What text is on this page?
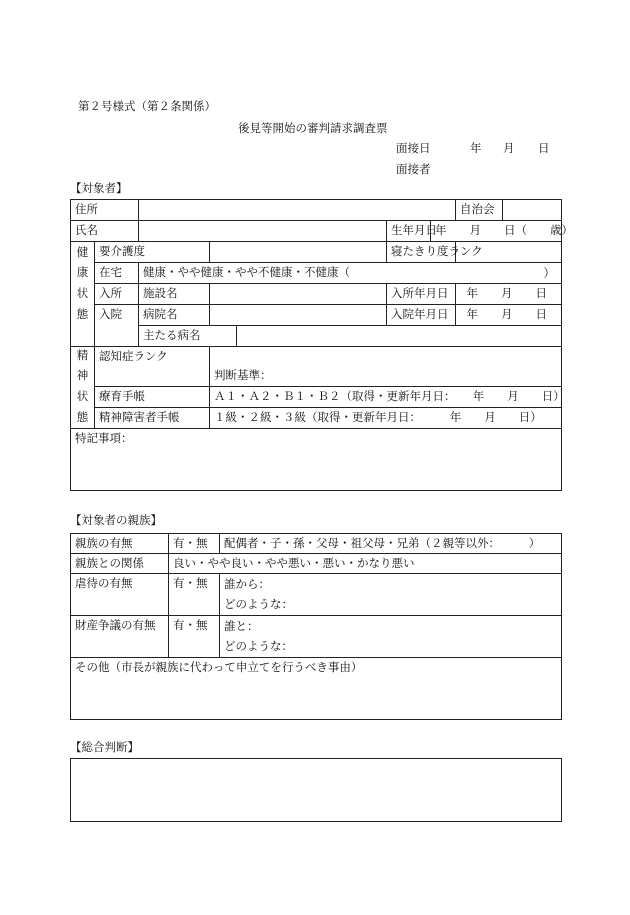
第２号様式（第２条関係）
後見等開始の審判請求調査票
面接日	年 月 日
面接者
【対象者】
住所							自治会	
氏名					生年月日	年　　月　　日（　　歳）		
健	要介護度				寝たきり度ランク			
康	在宅	健康・やや健康・やや不健康・不健康（ ）						

状	入所	施設名			入所年月日		年　　月　　日	
態	入院	病院名			入院年月日		年　　月　　日	
		主たる病名						
精	認知症ランク							
神			判断基準：					
状	療育手帳		Ａ１・Ａ２・Ｂ１・Ｂ２（取得・更新年月日：　　年　　月　　日）					
態	精神障害者手帳		１級・２級・３級（取得・更新年月日：　　　年　　月　　日）					
特記事項：								
【対象者の親族】
親族の有無	有・無	配偶者・子・孫・父母・祖父母・兄弟（２親等以外：　　　）
親族との関係	良い・やや良い・やや悪い・悪い・かなり悪い	
虐待の有無	有・無	誰から：
		どのような：
財産争議の有無	有・無	誰と：
		どのような：
その他（市長が親族に代わって申立てを行うべき事由）		
【総合判断】
